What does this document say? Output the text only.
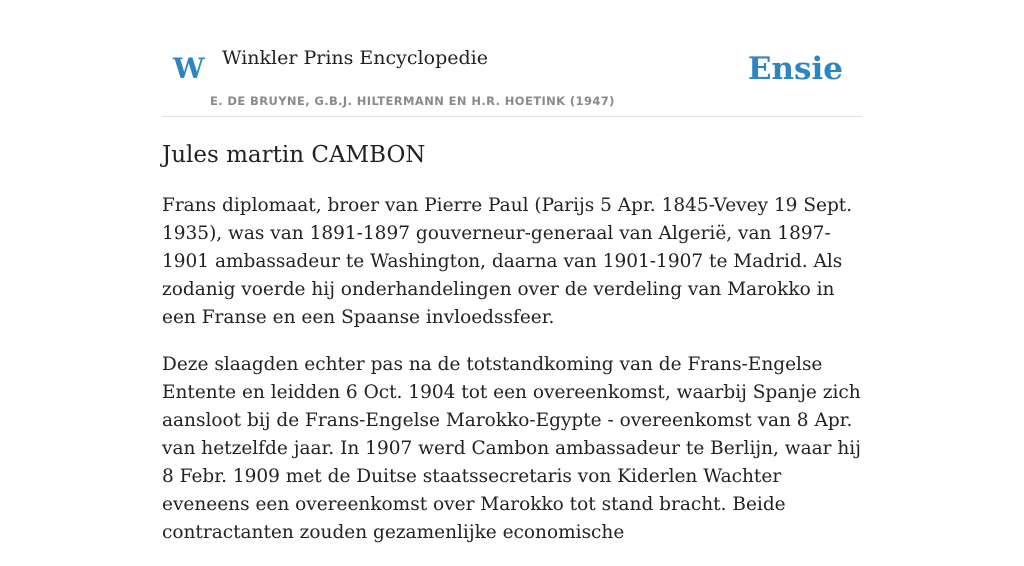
W Winkler Prins Encyclopedie
E. DE BRUYNE, G.B.J. HILTERMANN EN H.R. HOETINK (1947)
Ensie
Jules martin CAMBON

Frans diplomaat, broer van Pierre Paul (Parijs 5 Apr. 1845-Vevey 19 Sept. 1935), was van 1891-1897 gouverneur-generaal van Algerië, van 1897-1901 ambassadeur te Washington, daarna van 1901-1907 te Madrid. Als zodanig voerde hij onderhandelingen over de verdeling van Marokko in een Franse en een Spaanse invloedssfeer.

Deze slaagden echter pas na de totstandkoming van de Frans-Engelse Entente en leidden 6 Oct. 1904 tot een overeenkomst, waarbij Spanje zich aansloot bij de Frans-Engelse Marokko-Egypte - overeenkomst van 8 Apr. van hetzelfde jaar. In 1907 werd Cambon ambassadeur te Berlijn, waar hij 8 Febr. 1909 met de Duitse staatssecretaris von Kiderlen Wachter eveneens een overeenkomst over Marokko tot stand bracht. Beide contractanten zouden gezamenlijke economische
